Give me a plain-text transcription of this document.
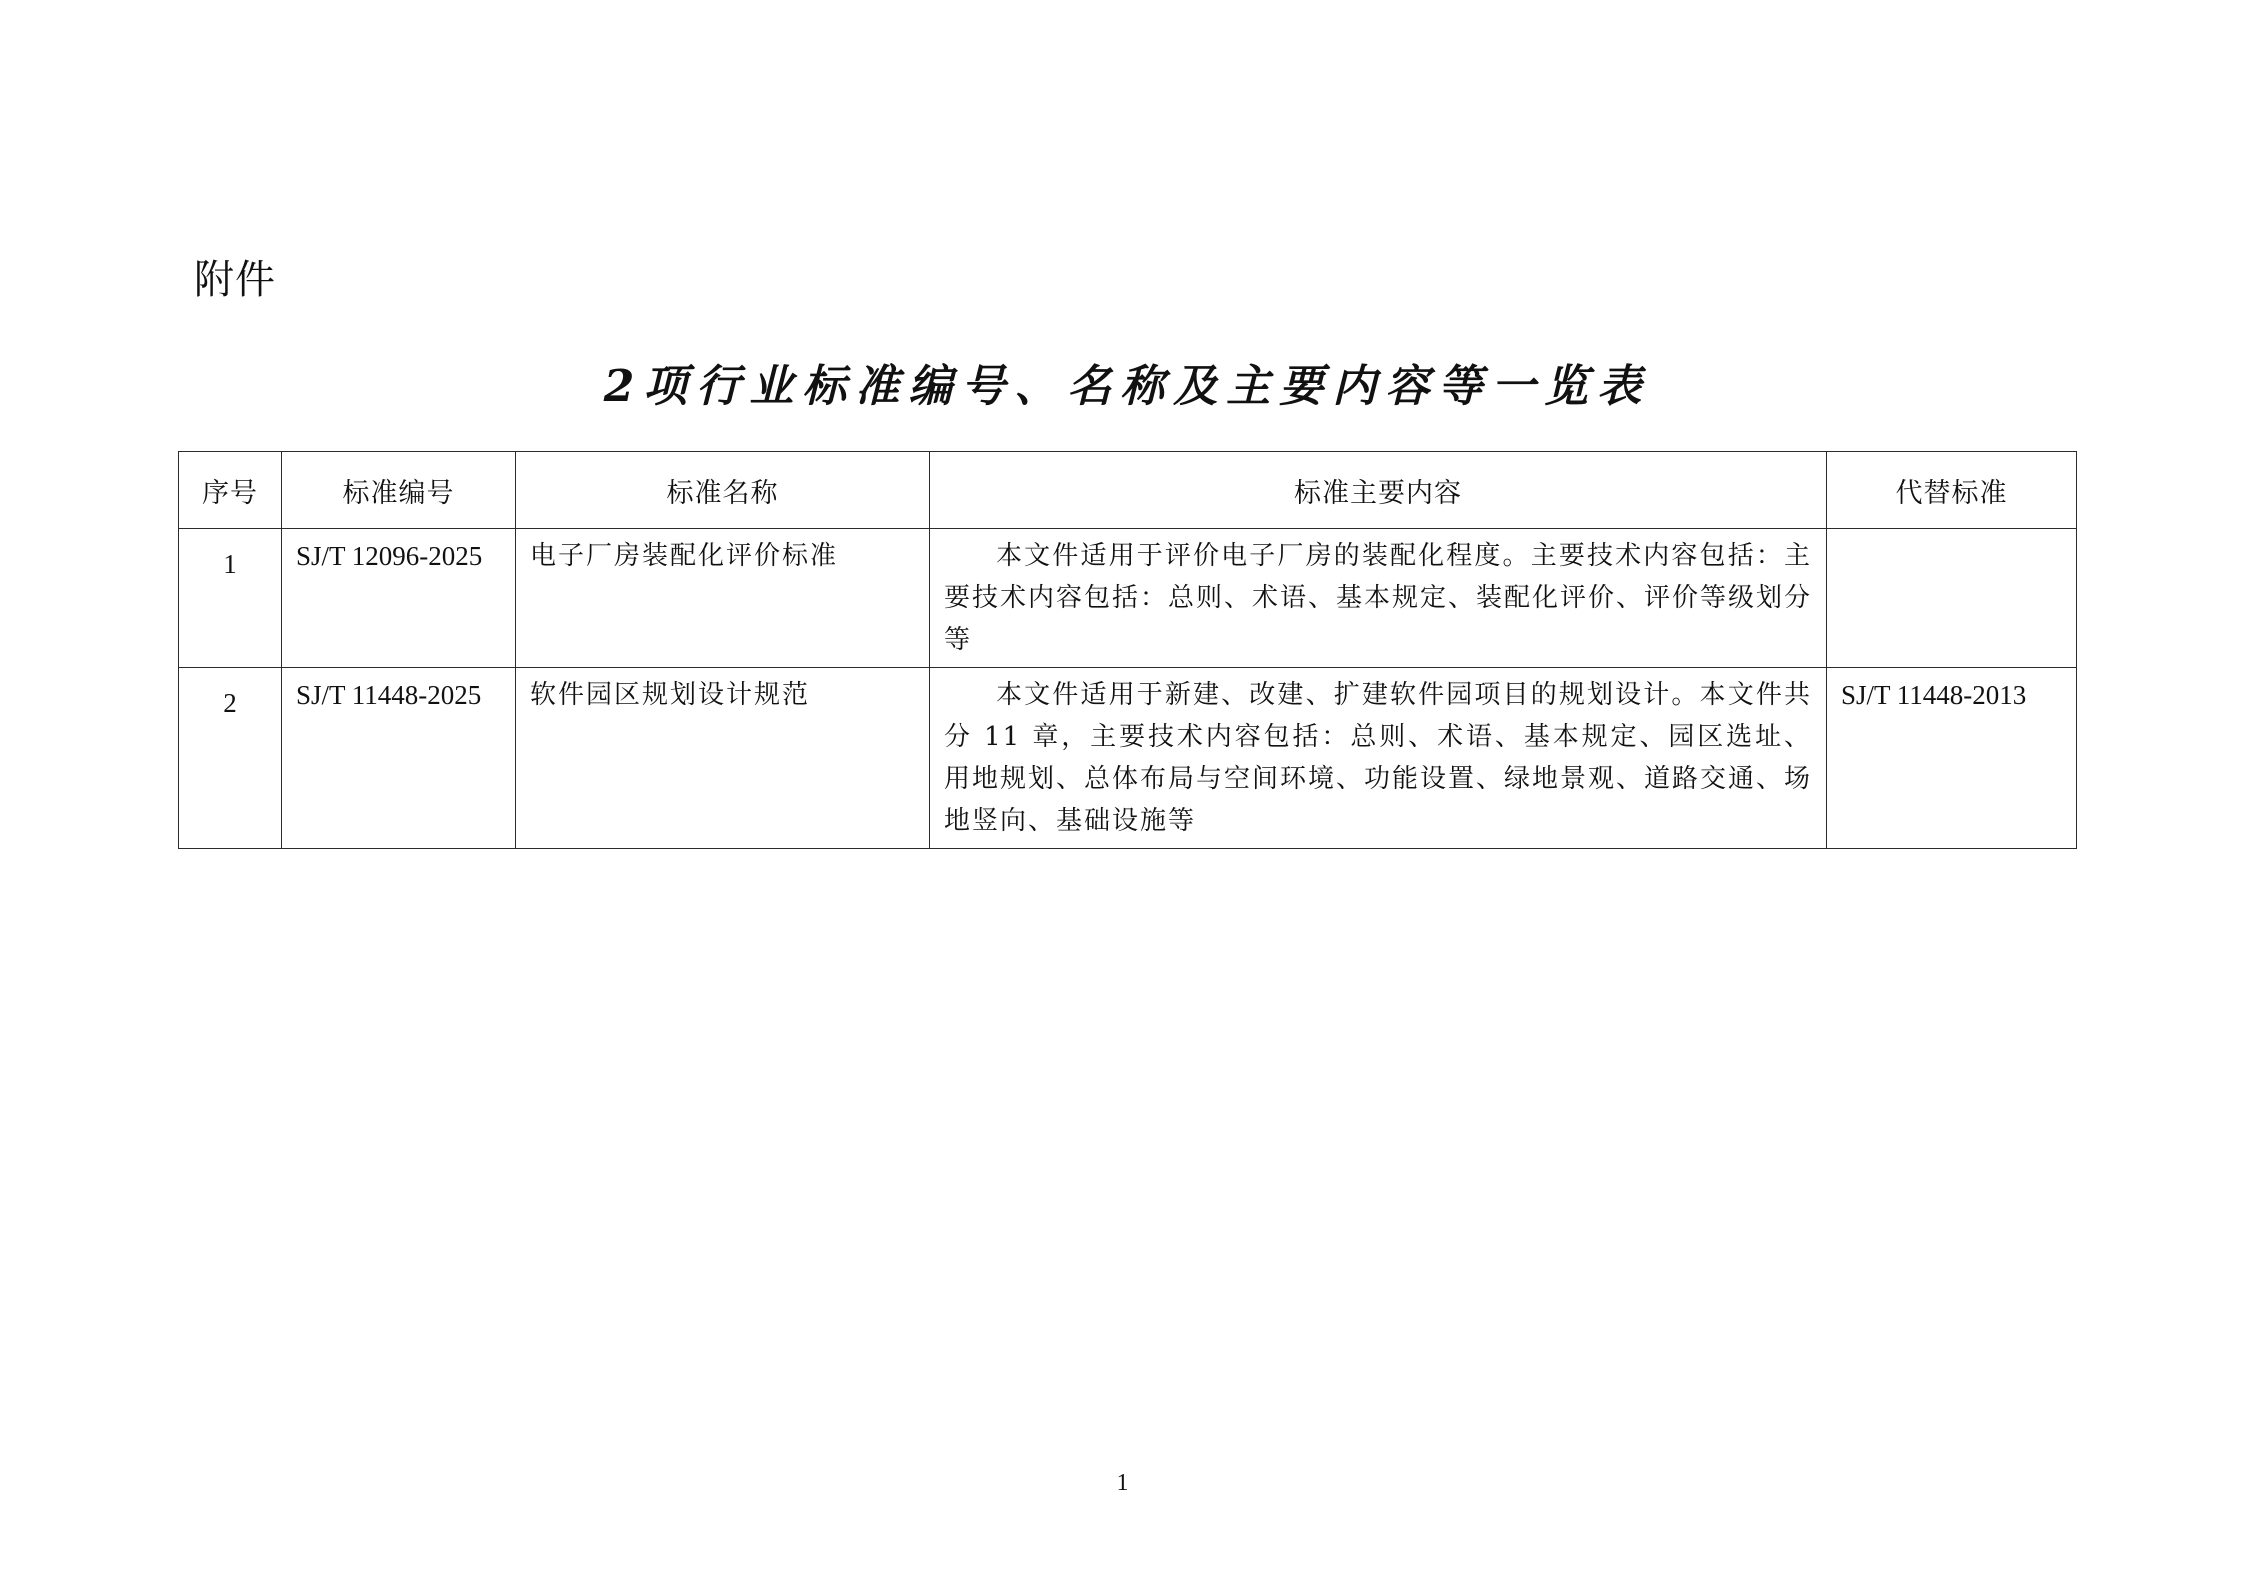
附件
2项行业标准编号、名称及主要内容等一览表
序号	标准编号	标准名称	标准主要内容	代替标准
1	SJ/T 12096-2025	电子厂房装配化评价标准	本文件适用于评价电子厂房的装配化程度。主要技术内容包括：主要技术内容包括：总则、术语、基本规定、装配化评价、评价等级划分等	
2	SJ/T 11448-2025	软件园区规划设计规范	本文件适用于新建、改建、扩建软件园项目的规划设计。本文件共分 11 章，主要技术内容包括：总则、术语、基本规定、园区选址、用地规划、总体布局与空间环境、功能设置、绿地景观、道路交通、场地竖向、基础设施等	SJ/T 11448-2013
1
